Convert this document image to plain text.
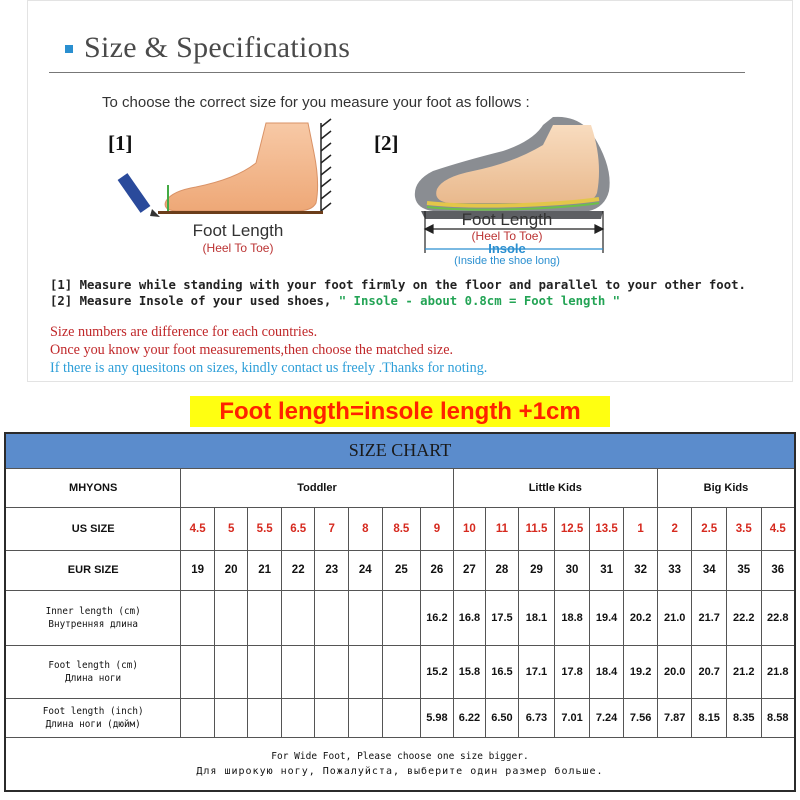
Size & Specifications
To choose the correct size for you measure your foot as follows :
[1]	[2]
Foot Length
(Heel To Toe)
Foot Length
(Heel To Toe)
Insole
(Inside the shoe long)
[1] Measure while standing with your foot firmly on the floor and parallel to your other foot.
[2] Measure Insole of your used shoes, " Insole - about 0.8cm = Foot length "
Size numbers are difference for each countries.
Once you know your foot measurements,then choose the matched size.
If there is any quesitons on sizes, kindly contact us freely .Thanks for noting.
Foot length=insole length +1cm
SIZE CHART																		
MHYONS	Toddler								Little Kids						Big Kids			
US SIZE	4.5	5	5.5	6.5	7	8	8.5	9	10	11	11.5	12.5	13.5	1	2	2.5	3.5	4.5
EUR SIZE	19	20	21	22	23	24	25	26	27	28	29	30	31	32	33	34	35	36

Inner length (cm)
Внутренняя длина								16.2	16.8	17.5	18.1	18.8	19.4	20.2	21.0	21.7	22.2	22.8

Foot length (cm)
Длина ноги								15.2	15.8	16.5	17.1	17.8	18.4	19.2	20.0	20.7	21.2	21.8

Foot length (inch)
Длина ноги (дюйм)								5.98	6.22	6.50	6.73	7.01	7.24	7.56	7.87	8.15	8.35	8.58

For Wide Foot, Please choose one size bigger.
Для широкую ногу, Пожалуйста, выберите один размер больше.																		
